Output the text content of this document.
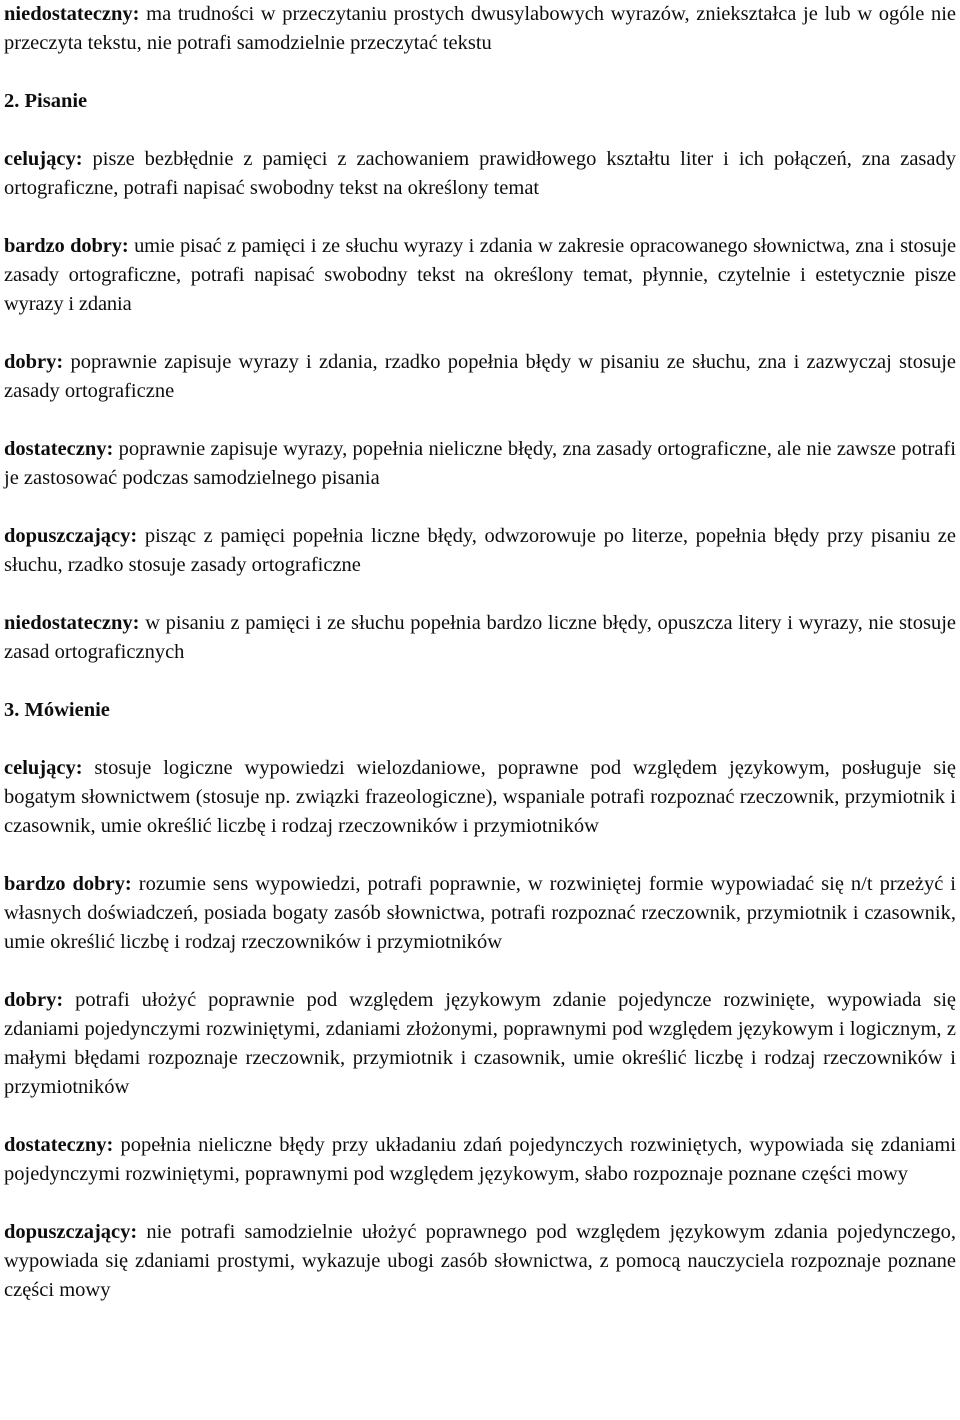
niedostateczny: ma trudności w przeczytaniu prostych dwusylabowych wyrazów, zniekształca je lub w ogóle nie przeczyta tekstu, nie potrafi samodzielnie przeczytać tekstu

2. Pisanie

celujący: pisze bezbłędnie z pamięci z zachowaniem prawidłowego kształtu liter i ich połączeń, zna zasady ortograficzne, potrafi napisać swobodny tekst na określony temat

bardzo dobry: umie pisać z pamięci i ze słuchu wyrazy i zdania w zakresie opracowanego słownictwa, zna i stosuje zasady ortograficzne, potrafi napisać swobodny tekst na określony temat, płynnie, czytelnie i estetycznie pisze wyrazy i zdania

dobry: poprawnie zapisuje wyrazy i zdania, rzadko popełnia błędy w pisaniu ze słuchu, zna i zazwyczaj stosuje zasady ortograficzne

dostateczny: poprawnie zapisuje wyrazy, popełnia nieliczne błędy, zna zasady ortograficzne, ale nie zawsze potrafi je zastosować podczas samodzielnego pisania

dopuszczający: pisząc z pamięci popełnia liczne błędy, odwzorowuje po literze, popełnia błędy przy pisaniu ze słuchu, rzadko stosuje zasady ortograficzne

niedostateczny: w pisaniu z pamięci i ze słuchu popełnia bardzo liczne błędy, opuszcza litery i wyrazy, nie stosuje zasad ortograficznych

3. Mówienie

celujący: stosuje logiczne wypowiedzi wielozdaniowe, poprawne pod względem językowym, posługuje się bogatym słownictwem (stosuje np. związki frazeologiczne), wspaniale potrafi rozpoznać rzeczownik, przymiotnik i czasownik, umie określić liczbę i rodzaj rzeczowników i przymiotników

bardzo dobry: rozumie sens wypowiedzi, potrafi poprawnie, w rozwiniętej formie wypowiadać się n/t przeżyć i własnych doświadczeń, posiada bogaty zasób słownictwa, potrafi rozpoznać rzeczownik, przymiotnik i czasownik, umie określić liczbę i rodzaj rzeczowników i przymiotników

dobry: potrafi ułożyć poprawnie pod względem językowym zdanie pojedyncze rozwinięte, wypowiada się zdaniami pojedynczymi rozwiniętymi, zdaniami złożonymi, poprawnymi pod względem językowym i logicznym, z małymi błędami rozpoznaje rzeczownik, przymiotnik i czasownik, umie określić liczbę i rodzaj rzeczowników i przymiotników

dostateczny: popełnia nieliczne błędy przy układaniu zdań pojedynczych rozwiniętych, wypowiada się zdaniami pojedynczymi rozwiniętymi, poprawnymi pod względem językowym, słabo rozpoznaje poznane części mowy

dopuszczający: nie potrafi samodzielnie ułożyć poprawnego pod względem językowym zdania pojedynczego, wypowiada się zdaniami prostymi, wykazuje ubogi zasób słownictwa, z pomocą nauczyciela rozpoznaje poznane części mowy
